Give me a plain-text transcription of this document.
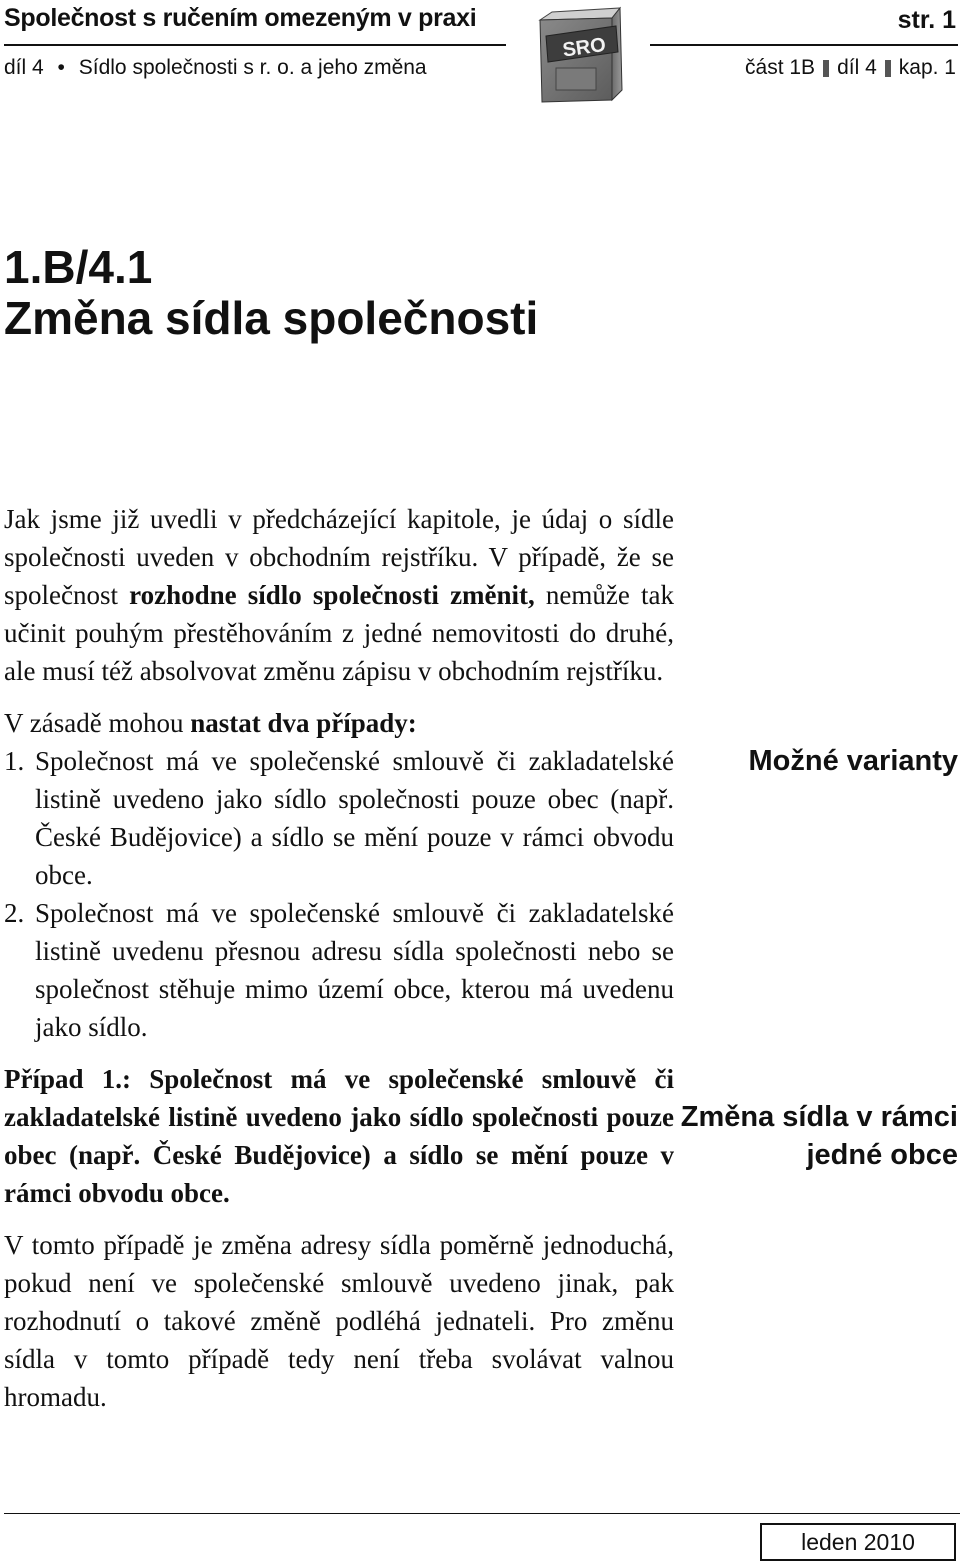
Společnost s ručením omezeným v praxi
díl 4 • Sídlo společnosti s r. o. a jeho změna
str. 1
část 1B díl 4 kap. 1
SRO
1.B/4.1
Změna sídla společnosti

Jak jsme již uvedli v předcházející kapitole, je údaj o sídle společnosti uveden v obchodním rejstříku. V případě, že se společnost rozhodne sídlo společnosti změnit, nemůže tak učinit pouhým přestěhováním z jedné nemovitosti do druhé, ale musí též absolvovat změnu zápisu v obchodním rejstříku.

V zásadě mohou nastat dva případy:

1. Společnost má ve společenské smlouvě či zakladatelské listině uvedeno jako sídlo společnosti pouze obec (např. České Budějovice) a sídlo se mění pouze v rámci obvodu obce.
2. Společnost má ve společenské smlouvě či zakladatelské listině uvedenu přesnou adresu sídla společnosti nebo se společnost stěhuje mimo území obce, kterou má uvedenu jako sídlo.

Případ 1.: Společnost má ve společenské smlouvě či zakladatelské listině uvedeno jako sídlo společnosti pouze obec (např. České Budějovice) a sídlo se mění pouze v rámci obvodu obce.

V tomto případě je změna adresy sídla poměrně jednoduchá, pokud není ve společenské smlouvě uvedeno jinak, pak rozhodnutí o takové změně podléhá jednateli. Pro změnu sídla v tomto případě tedy není třeba svolávat valnou hromadu.

Možné varianty
Změna sídla v rámci
jedné obce
leden 2010
